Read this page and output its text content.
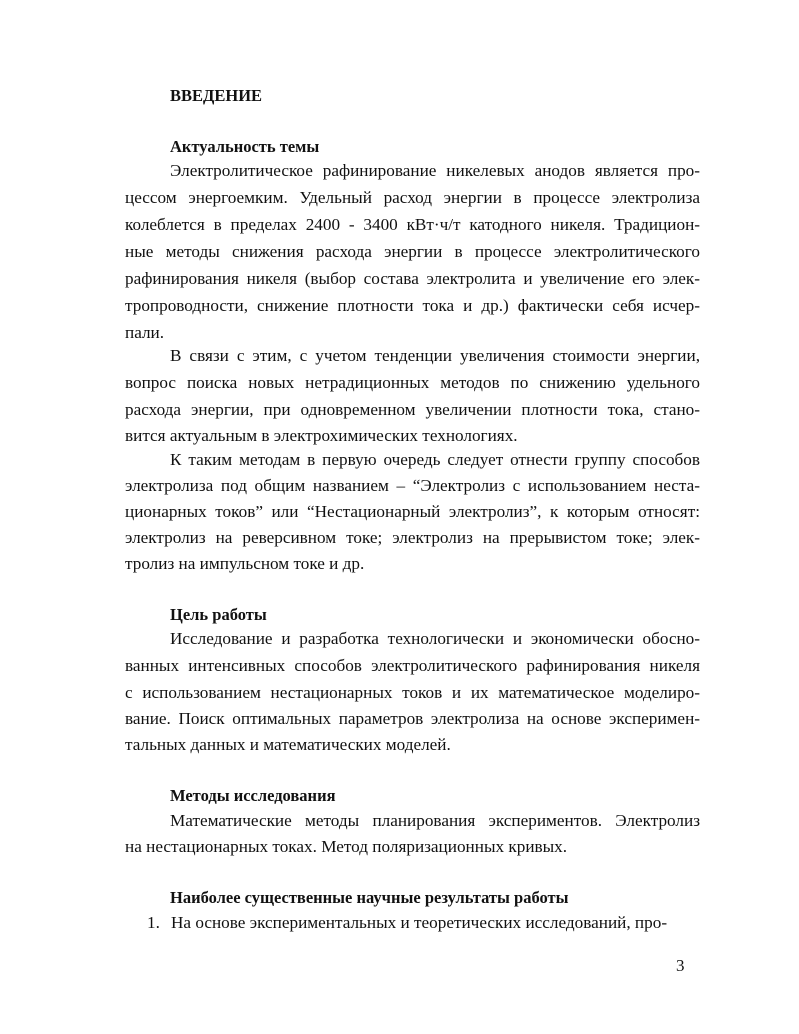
ВВЕДЕНИЕ
Актуальность темы
Электролитическое рафинирование никелевых анодов является про-
цессом энергоемким. Удельный расход энергии в процессе электролиза
колеблется в пределах 2400 - 3400 кВт·ч/т катодного никеля. Традицион-
ные методы снижения расхода энергии в процессе электролитического
рафинирования никеля (выбор состава электролита и увеличение его элек-
тропроводности, снижение плотности тока и др.) фактически себя исчер-
пали.
В связи с этим, с учетом тенденции увеличения стоимости энергии,
вопрос поиска новых нетрадиционных методов по снижению удельного
расхода энергии, при одновременном увеличении плотности тока, стано-
вится актуальным в электрохимических технологиях.
К таким методам в первую очередь следует отнести группу способов
электролиза под общим названием – “Электролиз с использованием неста-
ционарных токов” или “Нестационарный электролиз”, к которым относят:
электролиз на реверсивном токе; электролиз на прерывистом токе; элек-
тролиз на импульсном токе и др.
Цель работы
Исследование и разработка технологически и экономически обосно-
ванных интенсивных способов электролитического рафинирования никеля
с использованием нестационарных токов и их математическое моделиро-
вание. Поиск оптимальных параметров электролиза на основе эксперимен-
тальных данных и математических моделей.
Методы исследования
Математические методы планирования экспериментов. Электролиз
на нестационарных токах. Метод поляризационных кривых.
Наиболее существенные научные результаты работы
1. На основе экспериментальных и теоретических исследований, про-
3
